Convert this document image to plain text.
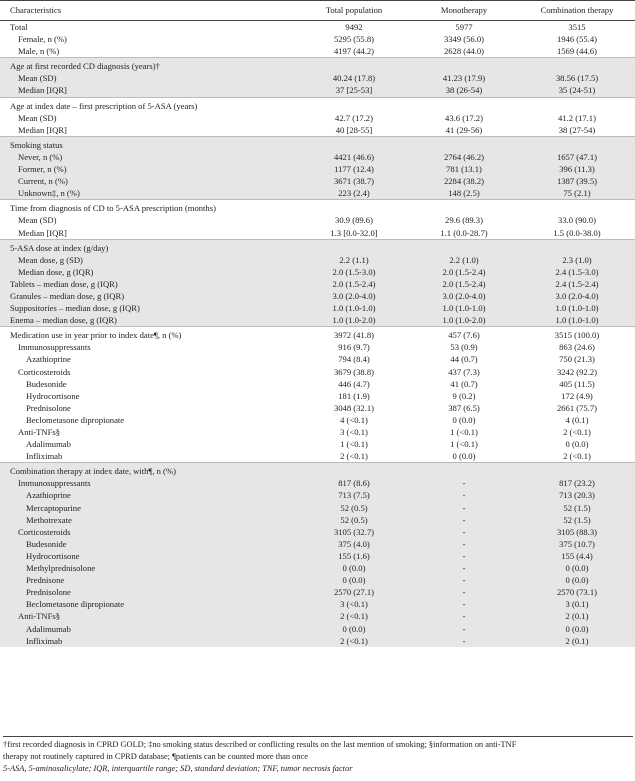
Characteristics	Total population	Monotherapy	Combination therapy
Total	9492	5977	3515
Female, n (%)	5295 (55.8)	3349 (56.0)	1946 (55.4)
Male, n (%)	4197 (44.2)	2628 (44.0)	1569 (44.6)
Age at first recorded CD diagnosis (years)†			
Mean (SD)	40.24 (17.8)	41.23 (17.9)	38.56 (17.5)
Median [IQR]	37 [25-53]	38 (26-54)	35 (24-51)
Age at index date – first prescription of 5-ASA (years)			
Mean (SD)	42.7 (17.2)	43.6 (17.2)	41.2 (17.1)
Median [IQR]	40 [28-55]	41 (29-56)	38 (27-54)
Smoking status			
Never, n (%)	4421 (46.6)	2764 (46.2)	1657 (47.1)
Former, n (%)	1177 (12.4)	781 (13.1)	396 (11.3)
Current, n (%)	3671 (38.7)	2284 (38.2)	1387 (39.5)
Unknown‡, n (%)	223 (2.4)	148 (2.5)	75 (2.1)
Time from diagnosis of CD to 5-ASA prescription (months)			
Mean (SD)	30.9 (89.6)	29.6 (89.3)	33.0 (90.0)
Median [IQR]	1.3 [0.0-32.0]	1.1 (0.0-28.7)	1.5 (0.0-38.0)
5-ASA dose at index (g/day)			
Mean dose, g (SD)	2.2 (1.1)	2.2 (1.0)	2.3 (1.0)
Median dose, g (IQR)	2.0 (1.5-3.0)	2.0 (1.5-2.4)	2.4 (1.5-3.0)
Tablets – median dose, g (IQR)	2.0 (1.5-2.4)	2.0 (1.5-2.4)	2.4 (1.5-2.4)
Granules – median dose, g (IQR)	3.0 (2.0-4.0)	3.0 (2.0-4.0)	3.0 (2.0-4.0)
Suppositories – median dose, g (IQR)	1.0 (1.0-1.0)	1.0 (1.0-1.0)	1.0 (1.0-1.0)
Enema – median dose, g (IQR)	1.0 (1.0-2.0)	1.0 (1.0-2.0)	1.0 (1.0-1.0)
Medication use in year prior to index date¶, n (%)	3972 (41.8)	457 (7.6)	3515 (100.0)
Immunosuppressants	916 (9.7)	53 (0.9)	863 (24.6)
Azathioprine	794 (8.4)	44 (0.7)	750 (21.3)
Corticosteroids	3679 (38.8)	437 (7.3)	3242 (92.2)
Budesonide	446 (4.7)	41 (0.7)	405 (11.5)
Hydrocortisone	181 (1.9)	9 (0.2)	172 (4.9)
Prednisolone	3048 (32.1)	387 (6.5)	2661 (75.7)
Beclometasone dipropionate	4 (<0.1)	0 (0.0)	4 (0.1)
Anti-TNFs§	3 (<0.1)	1 (<0.1)	2 (<0.1)
Adalimumab	1 (<0.1)	1 (<0.1)	0 (0.0)
Infliximab	2 (<0.1)	0 (0.0)	2 (<0.1)
Combination therapy at index date, with¶, n (%)			
Immunosuppressants	817 (8.6)	-	817 (23.2)
Azathioprine	713 (7.5)	-	713 (20.3)
Mercaptopurine	52 (0.5)	-	52 (1.5)
Methotrexate	52 (0.5)	-	52 (1.5)
Corticosteroids	3105 (32.7)	-	3105 (88.3)
Budesonide	375 (4.0)	-	375 (10.7)
Hydrocortisone	155 (1.6)	-	155 (4.4)
Methylprednisolone	0 (0.0)	-	0 (0.0)
Prednisone	0 (0.0)	-	0 (0.0)
Prednisolone	2570 (27.1)	-	2570 (73.1)
Beclometasone dipropionate	3 (<0.1)	-	3 (0.1)
Anti-TNFs§	2 (<0.1)	-	2 (0.1)
Adalimumab	0 (0.0)	-	0 (0.0)
Infliximab	2 (<0.1)	-	2 (0.1)
†first recorded diagnosis in CPRD GOLD; ‡no smoking status described or conflicting results on the last mention of smoking; §information on anti-TNF
therapy not routinely captured in CPRD database; ¶patients can be counted more than once
5-ASA, 5-aminosalicylate; IQR, interquartile range; SD, standard deviation; TNF, tumor necrosis factor
